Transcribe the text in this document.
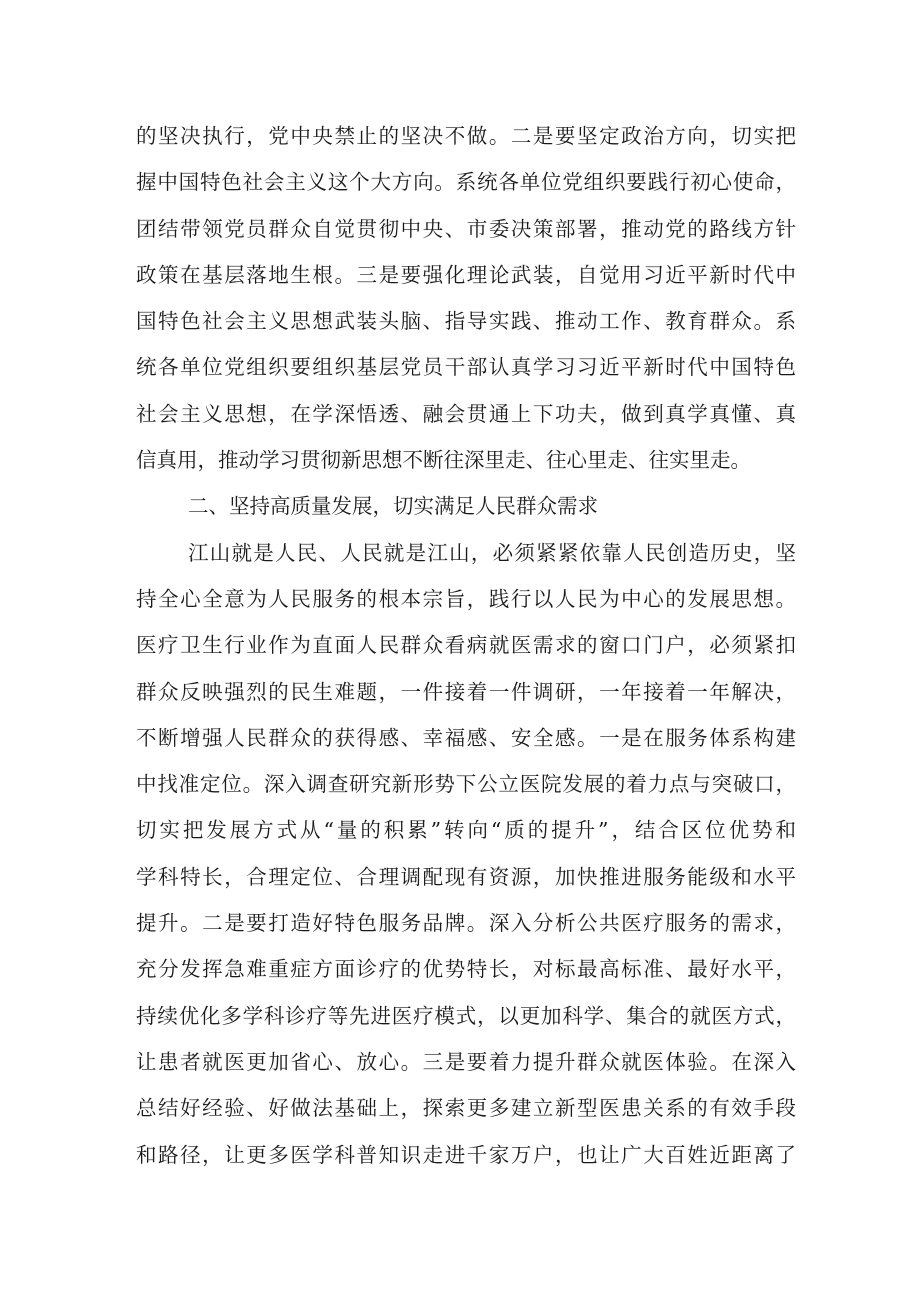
的坚决执行，党中央禁止的坚决不做。二是要坚定政治方向，切实把
握中国特色社会主义这个大方向。系统各单位党组织要践行初心使命，
团结带领党员群众自觉贯彻中央、市委决策部署，推动党的路线方针
政策在基层落地生根。三是要强化理论武装，自觉用习近平新时代中
国特色社会主义思想武装头脑、指导实践、推动工作、教育群众。系
统各单位党组织要组织基层党员干部认真学习习近平新时代中国特色
社会主义思想，在学深悟透、融会贯通上下功夫，做到真学真懂、真
信真用，推动学习贯彻新思想不断往深里走、往心里走、往实里走。
二、坚持高质量发展，切实满足人民群众需求
江山就是人民、人民就是江山，必须紧紧依靠人民创造历史，坚
持全心全意为人民服务的根本宗旨，践行以人民为中心的发展思想。
医疗卫生行业作为直面人民群众看病就医需求的窗口门户，必须紧扣
群众反映强烈的民生难题，一件接着一件调研，一年接着一年解决，
不断增强人民群众的获得感、幸福感、安全感。一是在服务体系构建
中找准定位。深入调查研究新形势下公立医院发展的着力点与突破口，
切实把发展方式从“量的积累”转向“质的提升”，结合区位优势和
学科特长，合理定位、合理调配现有资源，加快推进服务能级和水平
提升。二是要打造好特色服务品牌。深入分析公共医疗服务的需求，
充分发挥急难重症方面诊疗的优势特长，对标最高标准、最好水平，
持续优化多学科诊疗等先进医疗模式，以更加科学、集合的就医方式，
让患者就医更加省心、放心。三是要着力提升群众就医体验。在深入
总结好经验、好做法基础上，探索更多建立新型医患关系的有效手段
和路径，让更多医学科普知识走进千家万户，也让广大百姓近距离了
